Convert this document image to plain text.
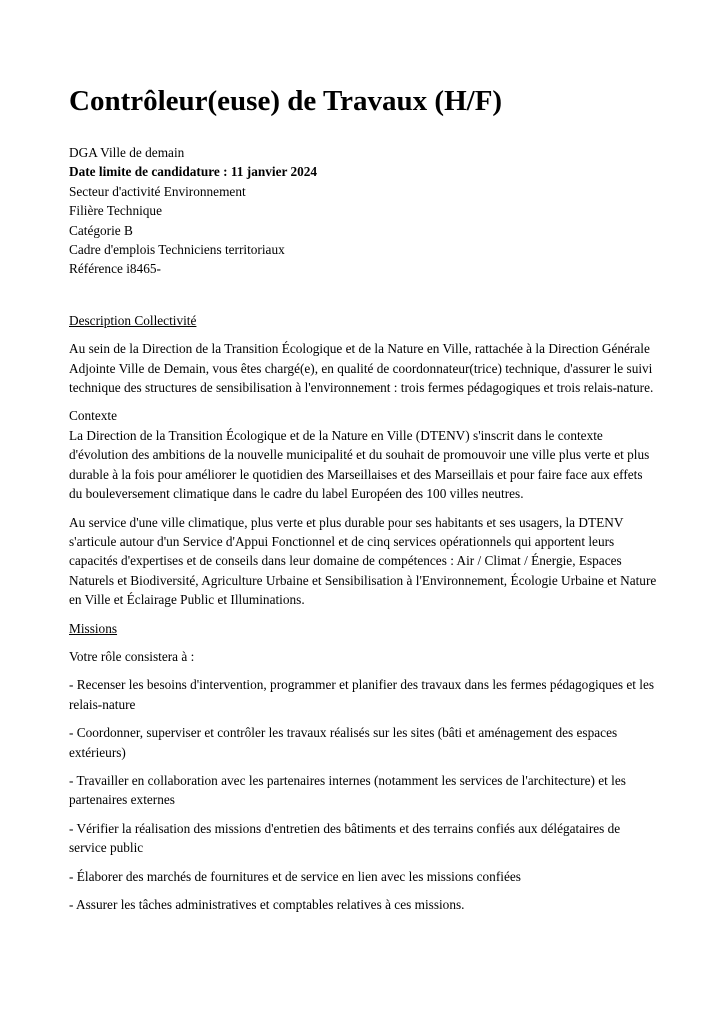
Contrôleur(euse) de Travaux (H/F)
DGA Ville de demain
Date limite de candidature : 11 janvier 2024
Secteur d'activité Environnement
Filière Technique
Catégorie B
Cadre d'emplois Techniciens territoriaux
Référence i8465-
Description Collectivité

Au sein de la Direction de la Transition Écologique et de la Nature en Ville, rattachée à la Direction Générale Adjointe Ville de Demain, vous êtes chargé(e), en qualité de coordonnateur(trice) technique, d'assurer le suivi technique des structures de sensibilisation à l'environnement : trois fermes pédagogiques et trois relais-nature.

Contexte

La Direction de la Transition Écologique et de la Nature en Ville (DTENV) s'inscrit dans le contexte d'évolution des ambitions de la nouvelle municipalité et du souhait de promouvoir une ville plus verte et plus durable à la fois pour améliorer le quotidien des Marseillaises et des Marseillais et pour faire face aux effets du bouleversement climatique dans le cadre du label Européen des 100 villes neutres.

Au service d'une ville climatique, plus verte et plus durable pour ses habitants et ses usagers, la DTENV s'articule autour d'un Service d'Appui Fonctionnel et de cinq services opérationnels qui apportent leurs capacités d'expertises et de conseils dans leur domaine de compétences : Air / Climat / Énergie, Espaces Naturels et Biodiversité, Agriculture Urbaine et Sensibilisation à l'Environnement, Écologie Urbaine et Nature en Ville et Éclairage Public et Illuminations.

Missions

Votre rôle consistera à :

- Recenser les besoins d'intervention, programmer et planifier des travaux dans les fermes pédagogiques et les relais-nature
- Coordonner, superviser et contrôler les travaux réalisés sur les sites (bâti et aménagement des espaces extérieurs)
- Travailler en collaboration avec les partenaires internes (notamment les services de l'architecture) et les partenaires externes
- Vérifier la réalisation des missions d'entretien des bâtiments et des terrains confiés aux délégataires de service public
- Élaborer des marchés de fournitures et de service en lien avec les missions confiées
- Assurer les tâches administratives et comptables relatives à ces missions.
